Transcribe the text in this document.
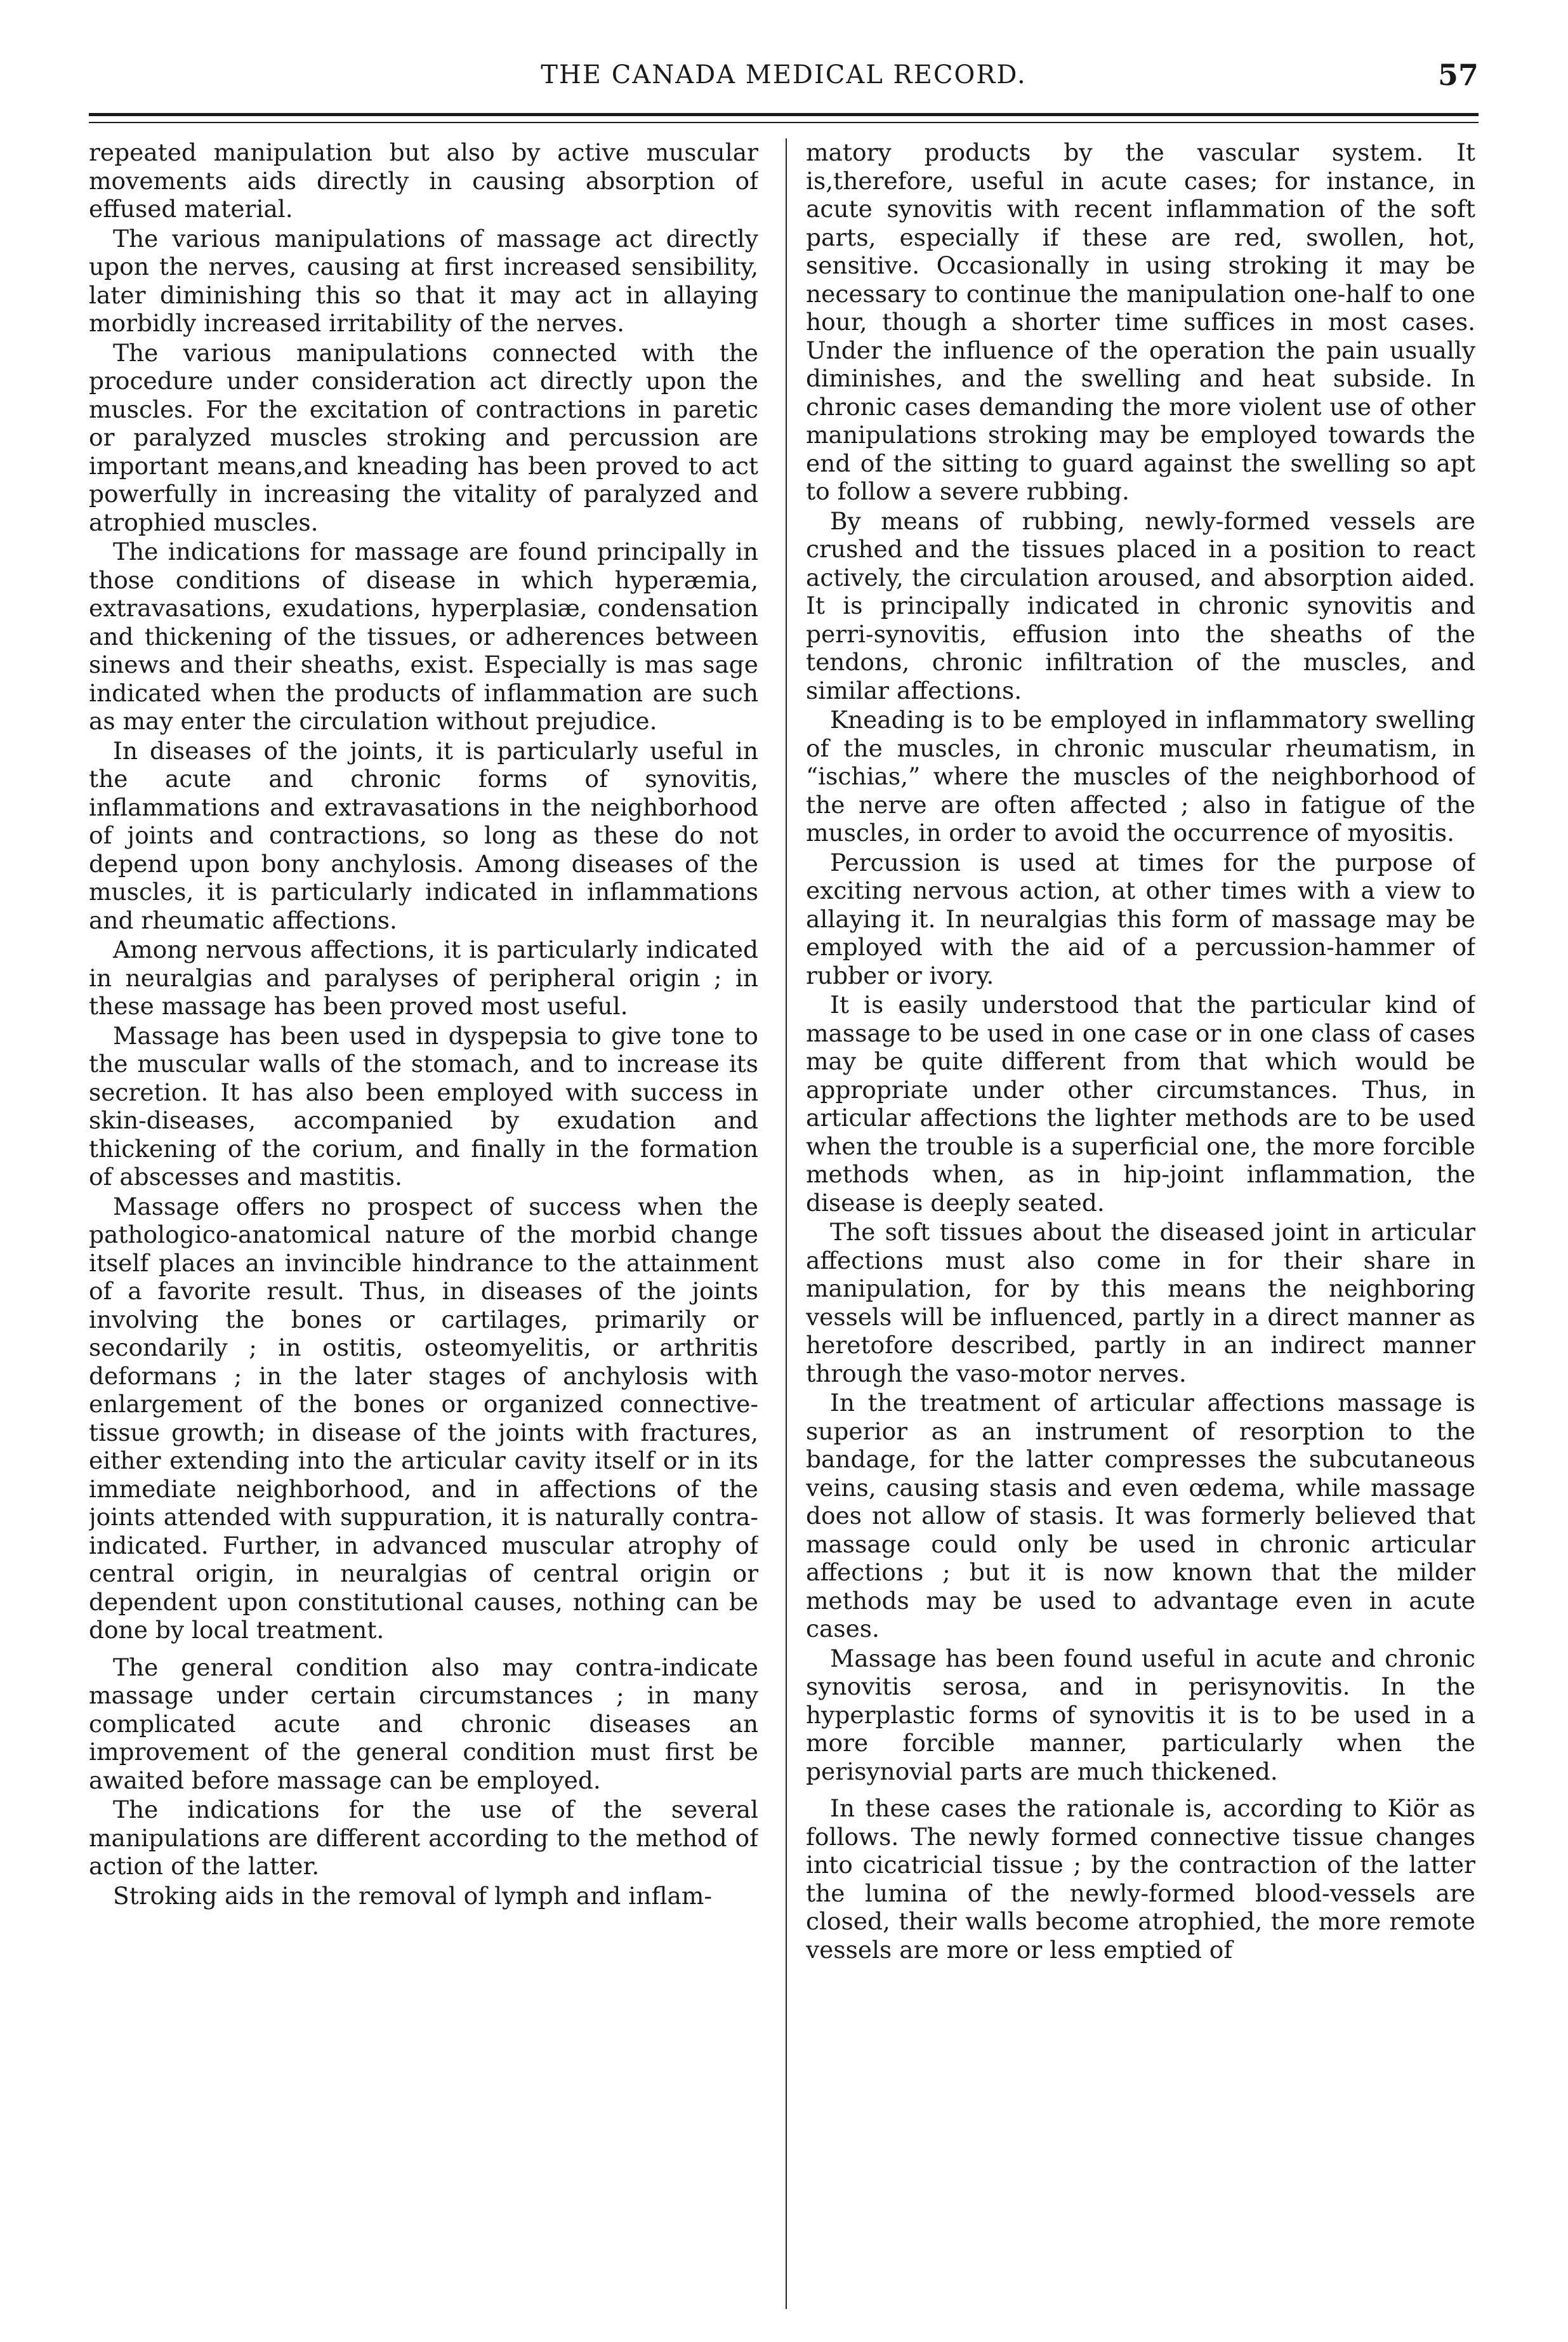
THE CANADA MEDICAL RECORD.	57

repeated manipulation but also by active muscular movements aids directly in causing absorption of effused material.

The various manipulations of massage act directly upon the nerves, causing at first increased sensibility, later diminishing this so that it may act in allaying morbidly increased irritability of the nerves.

The various manipulations connected with the procedure under consideration act directly upon the muscles. For the excitation of contractions in paretic or paralyzed muscles stroking and percussion are important means,and kneading has been proved to act powerfully in increasing the vitality of paralyzed and atrophied muscles.

The indications for massage are found principally in those conditions of disease in which hyperæmia, extravasations, exudations, hyperplasiæ, condensation and thickening of the tissues, or adherences between sinews and their sheaths, exist. Especially is mas sage indicated when the products of inflammation are such as may enter the circulation without prejudice.

In diseases of the joints, it is particularly useful in the acute and chronic forms of synovitis, inflammations and extravasations in the neighborhood of joints and contractions, so long as these do not depend upon bony anchylosis. Among diseases of the muscles, it is particularly indicated in inflammations and rheumatic affections.

Among nervous affections, it is particularly indicated in neuralgias and paralyses of peripheral origin ; in these massage has been proved most useful.

Massage has been used in dyspepsia to give tone to the muscular walls of the stomach, and to increase its secretion. It has also been employed with success in skin-diseases, accompanied by exudation and thickening of the corium, and finally in the formation of abscesses and mastitis.

Massage offers no prospect of success when the pathologico-anatomical nature of the morbid change itself places an invincible hindrance to the attainment of a favorite result. Thus, in diseases of the joints involving the bones or cartilages, primarily or secondarily ; in ostitis, osteomyelitis, or arthritis deformans ; in the later stages of anchylosis with enlargement of the bones or organized connective-tissue growth; in disease of the joints with fractures, either extending into the articular cavity itself or in its immediate neighborhood, and in affections of the joints attended with suppuration, it is naturally contra-indicated. Further, in advanced muscular atrophy of central origin, in neuralgias of central origin or dependent upon constitutional causes, nothing can be done by local treatment.

The general condition also may contra-indicate massage under certain circumstances ; in many complicated acute and chronic diseases an improvement of the general condition must first be awaited before massage can be employed.

The indications for the use of the several manipulations are different according to the method of action of the latter.

Stroking aids in the removal of lymph and inflam-

matory products by the vascular system. It is,therefore, useful in acute cases; for instance, in acute synovitis with recent inflammation of the soft parts, especially if these are red, swollen, hot, sensitive. Occasionally in using stroking it may be necessary to continue the manipulation one-half to one hour, though a shorter time suffices in most cases. Under the influence of the operation the pain usually diminishes, and the swelling and heat subside. In chronic cases demanding the more violent use of other manipulations stroking may be employed towards the end of the sitting to guard against the swelling so apt to follow a severe rubbing.

By means of rubbing, newly-formed vessels are crushed and the tissues placed in a position to react actively, the circulation aroused, and absorption aided. It is principally indicated in chronic synovitis and perri-synovitis, effusion into the sheaths of the tendons, chronic infiltration of the muscles, and similar affections.

Kneading is to be employed in inflammatory swelling of the muscles, in chronic muscular rheumatism, in “ischias,” where the muscles of the neighborhood of the nerve are often affected ; also in fatigue of the muscles, in order to avoid the occurrence of myositis.

Percussion is used at times for the purpose of exciting nervous action, at other times with a view to allaying it. In neuralgias this form of massage may be employed with the aid of a percussion-hammer of rubber or ivory.

It is easily understood that the particular kind of massage to be used in one case or in one class of cases may be quite different from that which would be appropriate under other circumstances. Thus, in articular affections the lighter methods are to be used when the trouble is a superficial one, the more forcible methods when, as in hip-joint inflammation, the disease is deeply seated.

The soft tissues about the diseased joint in articular affections must also come in for their share in manipulation, for by this means the neighboring vessels will be influenced, partly in a direct manner as heretofore described, partly in an indirect manner through the vaso-motor nerves.

In the treatment of articular affections massage is superior as an instrument of resorption to the bandage, for the latter compresses the subcutaneous veins, causing stasis and even œdema, while massage does not allow of stasis. It was formerly believed that massage could only be used in chronic articular affections ; but it is now known that the milder methods may be used to advantage even in acute cases.

Massage has been found useful in acute and chronic synovitis serosa, and in perisynovitis. In the hyperplastic forms of synovitis it is to be used in a more forcible manner, particularly when the perisynovial parts are much thickened.

In these cases the rationale is, according to Kiör as follows. The newly formed connective tissue changes into cicatricial tissue ; by the contraction of the latter the lumina of the newly-formed blood-vessels are closed, their walls become atrophied, the more remote vessels are more or less emptied of
